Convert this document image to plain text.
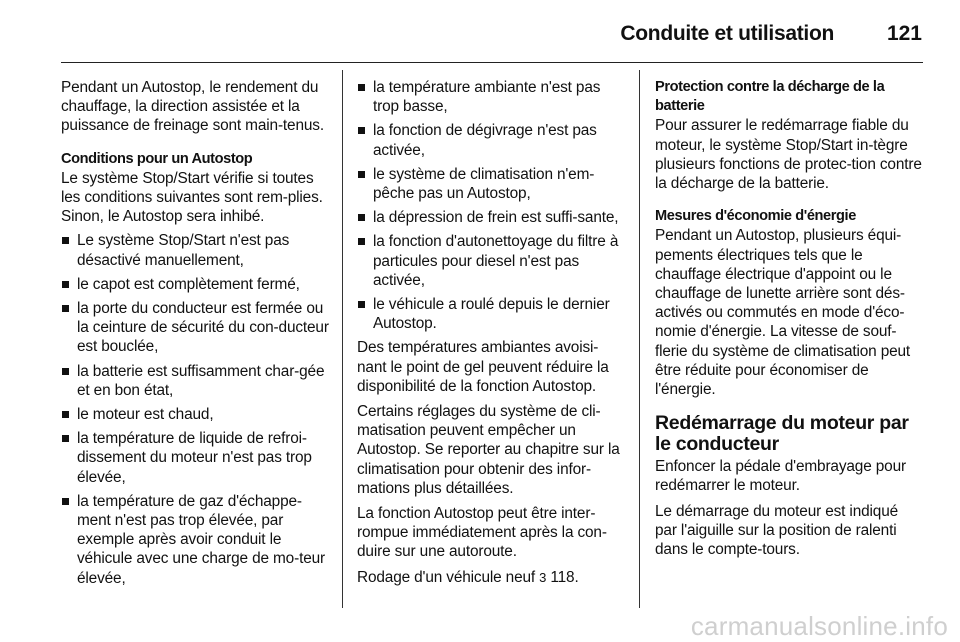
Conduite et utilisation	121

Pendant un Autostop, le rendement du chauffage, la direction assistée et la puissance de freinage sont main-tenus.

Conditions pour un Autostop

Le système Stop/Start vérifie si toutes les conditions suivantes sont rem-plies. Sinon, le Autostop sera inhibé.

Le système Stop/Start n'est pas désactivé manuellement,
le capot est complètement fermé,
la porte du conducteur est fermée ou la ceinture de sécurité du con-ducteur est bouclée,
la batterie est suffisamment char-gée et en bon état,
le moteur est chaud,
la température de liquide de refroi-dissement du moteur n'est pas trop élevée,
la température de gaz d'échappe-ment n'est pas trop élevée, par exemple après avoir conduit le véhicule avec une charge de mo-teur élevée,
la température ambiante n'est pas trop basse,
la fonction de dégivrage n'est pas activée,
le système de climatisation n'em-pêche pas un Autostop,
la dépression de frein est suffi-sante,
la fonction d'autonettoyage du filtre à particules pour diesel n'est pas activée,
le véhicule a roulé depuis le dernier Autostop.

Des températures ambiantes avoisi-nant le point de gel peuvent réduire la disponibilité de la fonction Autostop.

Certains réglages du système de cli-matisation peuvent empêcher un Autostop. Se reporter au chapitre sur la climatisation pour obtenir des infor-mations plus détaillées.

La fonction Autostop peut être inter-rompue immédiatement après la con-duire sur une autoroute.

Rodage d'un véhicule neuf 3 118.

Protection contre la décharge de la batterie

Pour assurer le redémarrage fiable du moteur, le système Stop/Start in-tègre plusieurs fonctions de protec-tion contre la décharge de la batterie.

Mesures d'économie d'énergie

Pendant un Autostop, plusieurs équi-pements électriques tels que le chauffage électrique d'appoint ou le chauffage de lunette arrière sont dés-activés ou commutés en mode d'éco-nomie d'énergie. La vitesse de souf-flerie du système de climatisation peut être réduite pour économiser de l'énergie.

Redémarrage du moteur par le conducteur

Enfoncer la pédale d'embrayage pour redémarrer le moteur.

Le démarrage du moteur est indiqué par l'aiguille sur la position de ralenti dans le compte-tours.

carmanualsonline.info
